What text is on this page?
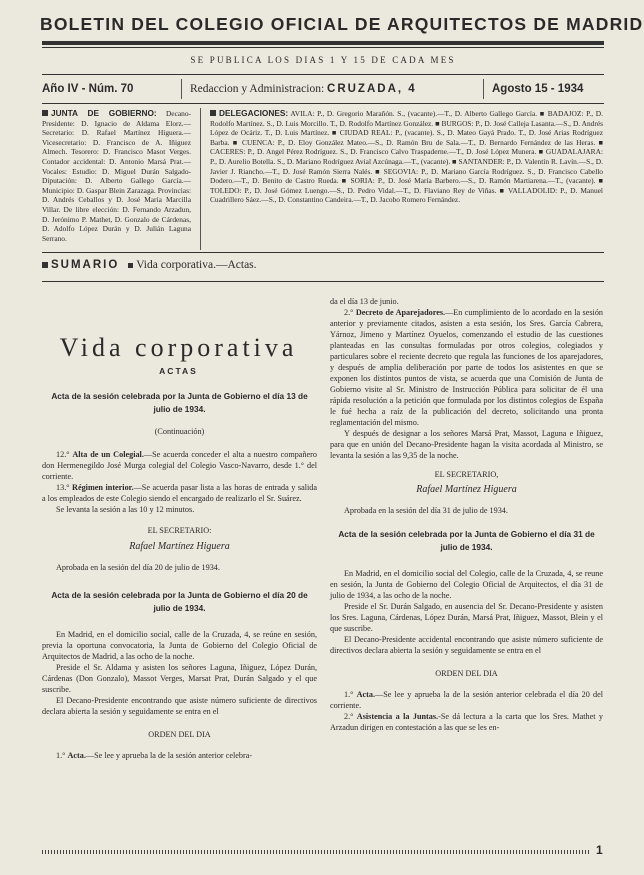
BOLETIN DEL COLEGIO OFICIAL DE ARQUITECTOS DE MADRID
SE PUBLICA LOS DIAS 1 Y 15 DE CADA MES
Año IV - Núm. 70	Redaccion y Administracion: CRUZADA, 4	Agosto 15 - 1934
JUNTA DE GOBIERNO: Decano-Presidente: D. Ignacio de Aldama Elorz.—Secretario: D. Rafael Martínez Higuera.—Vicesecretario: D. Francisco de A. Iñiguez Almech. Tesorero: D. Francisco Masot Verges. Contador accidental: D. Antonio Marsá Prat.—Vocales: Estudio: D. Miguel Durán Salgado-Diputación: D. Alberto Gallego García.—Municipio: D. Gaspar Blein Zarazaga. Provincias: D. Andrés Ceballos y D. José María Marcilla Villar. De libre elección: D. Fernando Arzadun, D. Jerónimo P. Mathet, D. Gonzalo de Cárdenas, D. Adolfo López Durán y D. Julián Laguna Serrano.
DELEGACIONES: AVILA: P., D. Gregorio Marañón. S., (vacante).—T., D. Alberto Gallego García. ■ BADAJOZ: P., D. Rodolfo Martínez. S., D. Luis Morcillo. T., D. Rodolfo Martínez González. ■ BURGOS: P., D. José Calleja Lasanta.—S., D. Andrés López de Ocáriz. T., D. Luis Martínez. ■ CIUDAD REAL: P., (vacante). S., D. Mateo Gayá Prado. T., D. José Arias Rodríguez Barba. ■ CUENCA: P., D. Eloy González Mateo.—S., D. Ramón Bru de Sala.—T., D. Bernardo Fernández de las Heras. ■ CACERES: P., D. Angel Pérez Rodríguez. S., D. Francisco Calvo Traspaderne.—T., D. José López Munera. ■ GUADALAJARA: P., D. Aurelio Botella. S., D. Mariano Rodríguez Avial Azcúnaga.—T., (vacante). ■ SANTANDER: P., D. Valentín R. Lavín.—S., D. Javier J. Riancho.—T., D. José Ramón Sierra Nalés. ■ SEGOVIA: P., D. Mariano García Rodríguez. S., D. Francisco Cabello Dodero.—T., D. Benito de Castro Rueda. ■ SORIA: P., D. José María Barbero.—S., D. Ramón Martiarena.—T., (vacante). ■ TOLEDO: P., D. José Gómez Luengo.—S., D. Pedro Vidal.—T., D. Flaviano Rey de Viñas. ■ VALLADOLID: P., D. Manuel Cuadrillero Sáez.—S., D. Constantino Candeira.—T., D. Jacobo Romero Fernández.
SUMARIO Vida corporativa.—Actas.
Vida corporativa
ACTAS
Acta de la sesión celebrada por la Junta de Gobierno el día 13 de julio de 1934.

(Continuación)

12.° Alta de un Colegial.—Se acuerda conceder el alta a nuestro compañero don Hermenegildo José Murga colegial del Colegio Vasco-Navarro, desde 1.° del corriente.

13.° Régimen interior.—Se acuerda pasar lista a las horas de entrada y salida a los empleados de este Colegio siendo el encargado de realizarlo el Sr. Suárez.

Se levanta la sesión a las 10 y 12 minutos.

EL SECRETARIO:

Rafael Martínez Higuera

Aprobada en la sesión del día 20 de julio de 1934.

Acta de la sesión celebrada por la Junta de Gobierno el día 20 de julio de 1934.

En Madrid, en el domicilio social, calle de la Cruzada, 4, se reúne en sesión, previa la oportuna convocatoria, la Junta de Gobierno del Colegio Oficial de Arquitectos de Madrid, a las ocho de la noche.

Preside el Sr. Aldama y asisten los señores Laguna, Iñiguez, López Durán, Cárdenas (Don Gonzalo), Massot Verges, Marsat Prat, Durán Salgado y el que suscribe.

El Decano-Presidente encontrando que asiste número suficiente de directivos declara abierta la sesión y seguidamente se entra en el

ORDEN DEL DIA

1.° Acta.—Se lee y aprueba la de la sesión anterior celebra-

da el día 13 de junio.

2.° Decreto de Aparejadores.—En cumplimiento de lo acordado en la sesión anterior y previamente citados, asisten a esta sesión, los Sres. García Cabrera, Yárnoz, Jimeno y Martínez Oyuelos, comenzando el estudio de las cuestiones planteadas en las consultas formuladas por otros colegios, colegiados y particulares sobre el reciente decreto que regula las funciones de los aparejadores, y después de amplia deliberación por parte de todos los asistentes en que se exponen los distintos puntos de vista, se acuerda que una Comisión de Junta de Gobierno visite al Sr. Ministro de Instrucción Pública para solicitar de él una rápida resolución a la petición que formulada por los distintos colegios de España le fué hecha a raíz de la publicación del decreto, solicitando una pronta reglamentación del mismo.

Y después de designar a los señores Marsá Prat, Massot, Laguna e Iñiguez, para que en unión del Decano-Presidente hagan la visita acordada al Ministro, se levanta la sesión a las 9,35 de la noche.

EL SECRETARIO,

Rafael Martínez Higuera

Aprobada en la sesión del día 31 de julio de 1934.

Acta de la sesión celebrada por la Junta de Gobierno el día 31 de julio de 1934.

En Madrid, en el domicilio social del Colegio, calle de la Cruzada, 4, se reune en sesión, la Junta de Gobierno del Colegio Oficial de Arquitectos, el día 31 de julio de 1934, a las ocho de la noche.

Preside el Sr. Durán Salgado, en ausencia del Sr. Decano-Presidente y asisten los Sres. Laguna, Cárdenas, López Durán, Marsá Prat, Iñiguez, Massot, Blein y el que suscribe.

El Decano-Presidente accidental encontrando que asiste número suficiente de directivos declara abierta la sesión y seguidamente se entra en el

ORDEN DEL DIA

1.° Acta.—Se lee y aprueba la de la sesión anterior celebrada el día 20 del corriente.

2.° Asistencia a la Juntas.-Se dá lectura a la carta que los Sres. Mathet y Arzadun dirigen en contestación a las que se les en-

1
